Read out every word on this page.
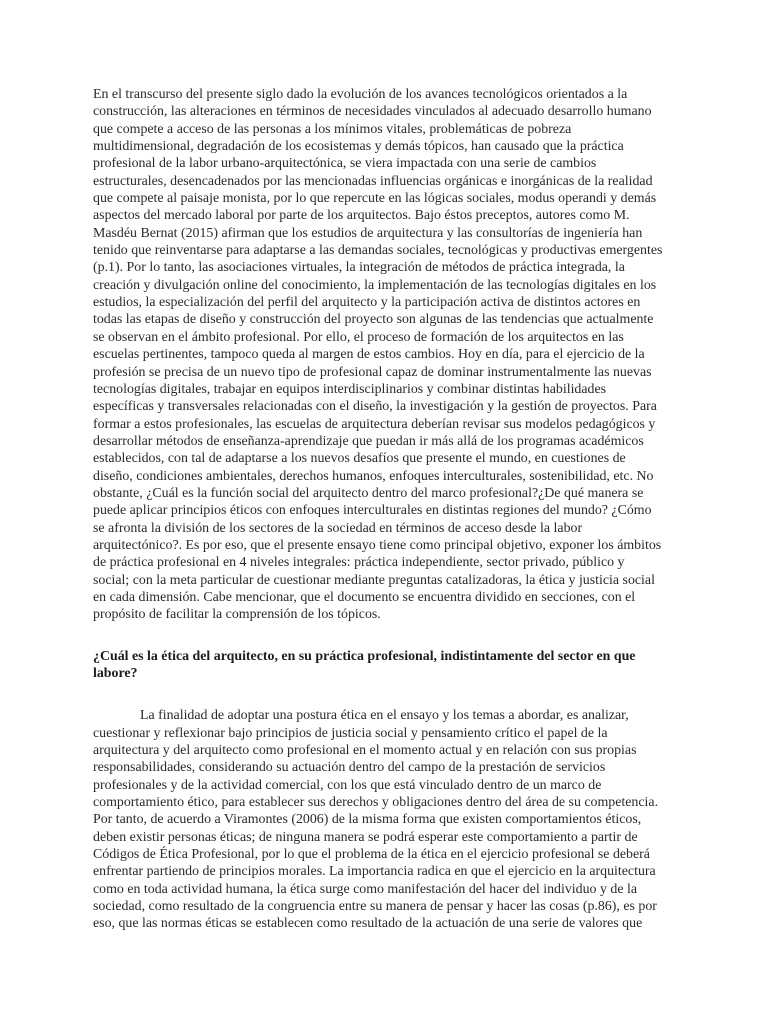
En el transcurso del presente siglo dado la evolución de los avances tecnológicos orientados a la
construcción, las alteraciones en términos de necesidades vinculados al adecuado desarrollo humano
que compete a acceso de las personas a los mínimos vitales, problemáticas de pobreza
multidimensional, degradación de los ecosistemas y demás tópicos, han causado que la práctica
profesional de la labor urbano-arquitectónica, se viera impactada con una serie de cambios
estructurales, desencadenados por las mencionadas influencias orgánicas e inorgánicas de la realidad
que compete al paisaje monista, por lo que repercute en las lógicas sociales, modus operandi y demás
aspectos del mercado laboral por parte de los arquitectos. Bajo éstos preceptos, autores como M.
Masdéu Bernat (2015) afirman que los estudios de arquitectura y las consultorías de ingeniería han
tenido que reinventarse para adaptarse a las demandas sociales, tecnológicas y productivas emergentes
(p.1). Por lo tanto, las asociaciones virtuales, la integración de métodos de práctica integrada, la
creación y divulgación online del conocimiento, la implementación de las tecnologías digitales en los
estudios, la especialización del perfil del arquitecto y la participación activa de distintos actores en
todas las etapas de diseño y construcción del proyecto son algunas de las tendencias que actualmente
se observan en el ámbito profesional. Por ello, el proceso de formación de los arquitectos en las
escuelas pertinentes, tampoco queda al margen de estos cambios. Hoy en día, para el ejercicio de la
profesión se precisa de un nuevo tipo de profesional capaz de dominar instrumentalmente las nuevas
tecnologías digitales, trabajar en equipos interdisciplinarios y combinar distintas habilidades
específicas y transversales relacionadas con el diseño, la investigación y la gestión de proyectos. Para
formar a estos profesionales, las escuelas de arquitectura deberían revisar sus modelos pedagógicos y
desarrollar métodos de enseñanza-aprendizaje que puedan ir más allá de los programas académicos
establecidos, con tal de adaptarse a los nuevos desafíos que presente el mundo, en cuestiones de
diseño, condiciones ambientales, derechos humanos, enfoques interculturales, sostenibilidad, etc. No
obstante, ¿Cuál es la función social del arquitecto dentro del marco profesional?¿De qué manera se
puede aplicar principios éticos con enfoques interculturales en distintas regiones del mundo? ¿Cómo
se afronta la división de los sectores de la sociedad en términos de acceso desde la labor
arquitectónico?. Es por eso, que el presente ensayo tiene como principal objetivo, exponer los ámbitos
de práctica profesional en 4 niveles integrales: práctica independiente, sector privado, público y
social; con la meta particular de cuestionar mediante preguntas catalizadoras, la ética y justicia social
en cada dimensión. Cabe mencionar, que el documento se encuentra dividido en secciones, con el
propósito de facilitar la comprensión de los tópicos.

¿Cuál es la ética del arquitecto, en su práctica profesional, indistintamente del sector en que
labore?

La finalidad de adoptar una postura ética en el ensayo y los temas a abordar, es analizar,
cuestionar y reflexionar bajo principios de justicia social y pensamiento crítico el papel de la
arquitectura y del arquitecto como profesional en el momento actual y en relación con sus propias
responsabilidades, considerando su actuación dentro del campo de la prestación de servicios
profesionales y de la actividad comercial, con los que está vinculado dentro de un marco de
comportamiento ético, para establecer sus derechos y obligaciones dentro del área de su competencia.
Por tanto, de acuerdo a Viramontes (2006) de la misma forma que existen comportamientos éticos,
deben existir personas éticas; de ninguna manera se podrá esperar este comportamiento a partir de
Códigos de Ética Profesional, por lo que el problema de la ética en el ejercicio profesional se deberá
enfrentar partiendo de principios morales. La importancia radica en que el ejercicio en la arquitectura
como en toda actividad humana, la ética surge como manifestación del hacer del individuo y de la
sociedad, como resultado de la congruencia entre su manera de pensar y hacer las cosas (p.86), es por
eso, que las normas éticas se establecen como resultado de la actuación de una serie de valores que
